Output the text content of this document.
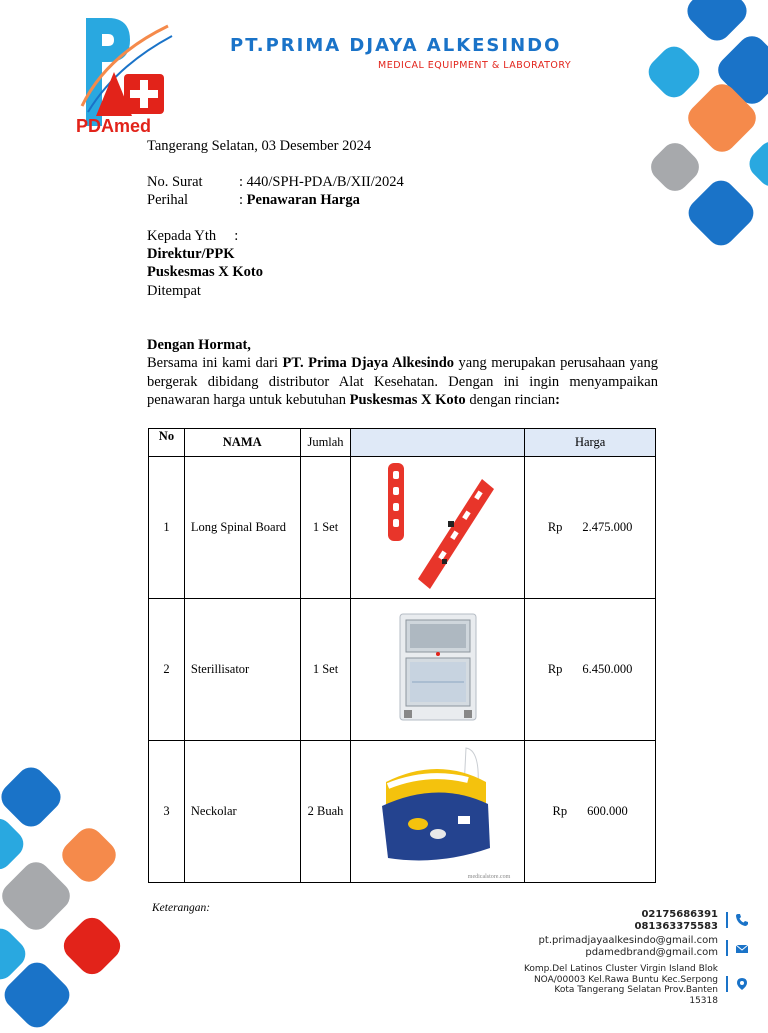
PDAmed
PT.PRIMA DJAYA ALKESINDO
MEDICAL EQUIPMENT & LABORATORY
Tangerang Selatan, 03 Desember 2024
No. Surat	: 440/SPH-PDA/B/XII/2024
Perihal	: Penawaran Harga
Kepada Yth     :
Direktur/PPK
Puskesmas X Koto
Ditempat
Dengan Hormat,
Bersama ini kami dari PT. Prima Djaya Alkesindo yang merupakan perusahaan yang bergerak dibidang distributor Alat Kesehatan. Dengan ini ingin menyampaikan penawaran harga untuk kebutuhan Puskesmas X Koto dengan rincian:
No	NAMA	Jumlah		Harga
1	Long Spinal Board	1 Set		Rp 2.475.000

2	Sterillisator	1 Set		Rp 6.450.000

3	Neckolar	2 Buah	medicalstore.com	Rp 600.000
Keterangan:
02175686391
081363375583
pt.primadjayaalkesindo@gmail.com
pdamedbrand@gmail.com
Komp.Del Latinos Cluster Virgin Island Blok
NOA/00003 Kel.Rawa Buntu Kec.Serpong
Kota Tangerang Selatan Prov.Banten
15318
